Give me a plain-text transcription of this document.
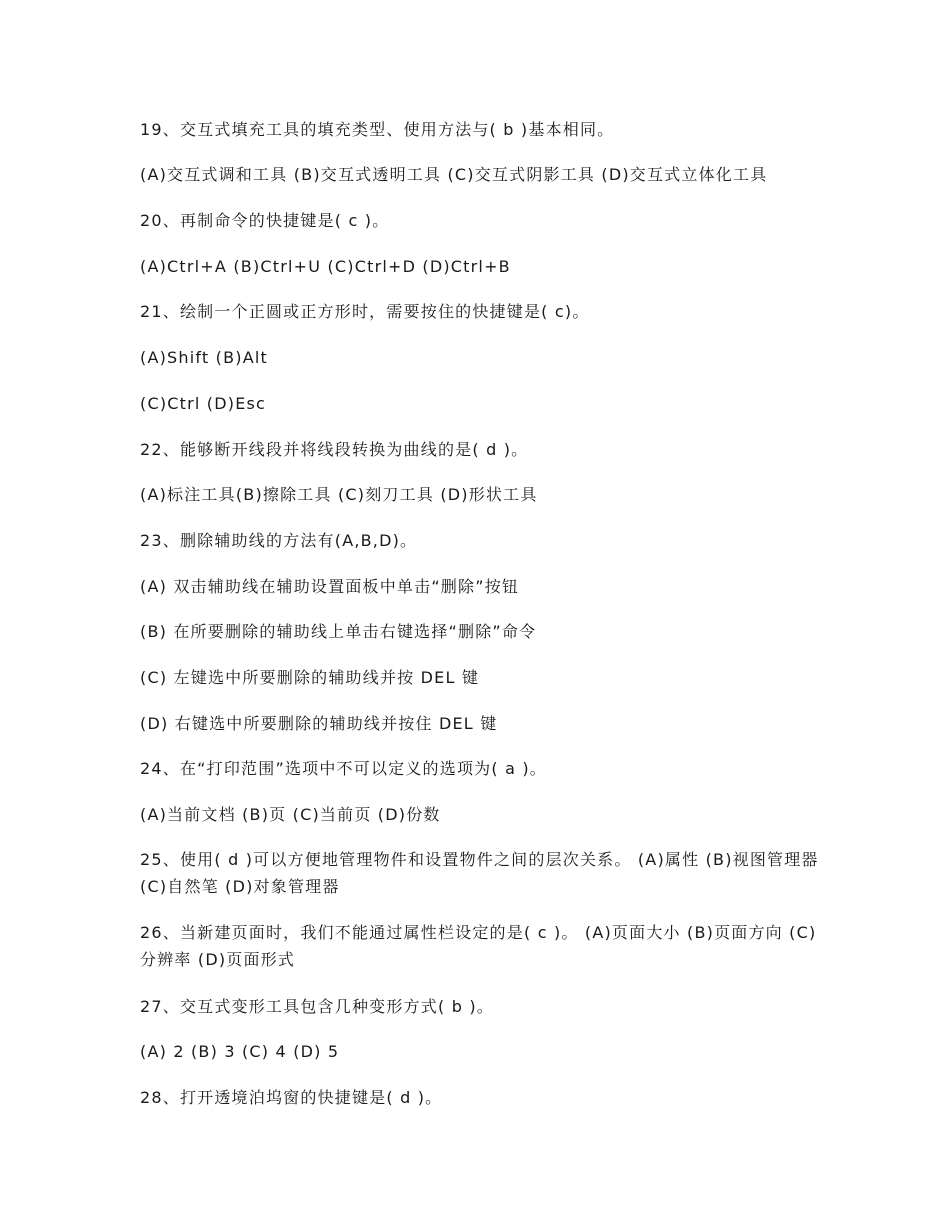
19、交互式填充工具的填充类型、使用方法与( b )基本相同。
(A)交互式调和工具 (B)交互式透明工具 (C)交互式阴影工具 (D)交互式立体化工具
20、再制命令的快捷键是( c )。
(A)Ctrl+A (B)Ctrl+U (C)Ctrl+D (D)Ctrl+B
21、绘制一个正圆或正方形时，需要按住的快捷键是( c)。
(A)Shift (B)Alt
(C)Ctrl (D)Esc
22、能够断开线段并将线段转换为曲线的是( d )。
(A)标注工具(B)擦除工具 (C)刻刀工具 (D)形状工具
23、删除辅助线的方法有(A,B,D)。
(A) 双击辅助线在辅助设置面板中单击“删除”按钮
(B) 在所要删除的辅助线上单击右键选择“删除”命令
(C) 左键选中所要删除的辅助线并按 DEL 键
(D) 右键选中所要删除的辅助线并按住 DEL 键
24、在“打印范围”选项中不可以定义的选项为( a )。
(A)当前文档 (B)页 (C)当前页 (D)份数
25、使用( d )可以方便地管理物件和设置物件之间的层次关系。 (A)属性 (B)视图管理器 (C)自然笔 (D)对象管理器
26、当新建页面时，我们不能通过属性栏设定的是( c )。 (A)页面大小 (B)页面方向 (C) 分辨率 (D)页面形式
27、交互式变形工具包含几种变形方式( b )。
(A) 2 (B) 3 (C) 4 (D) 5
28、打开透境泊坞窗的快捷键是( d )。
